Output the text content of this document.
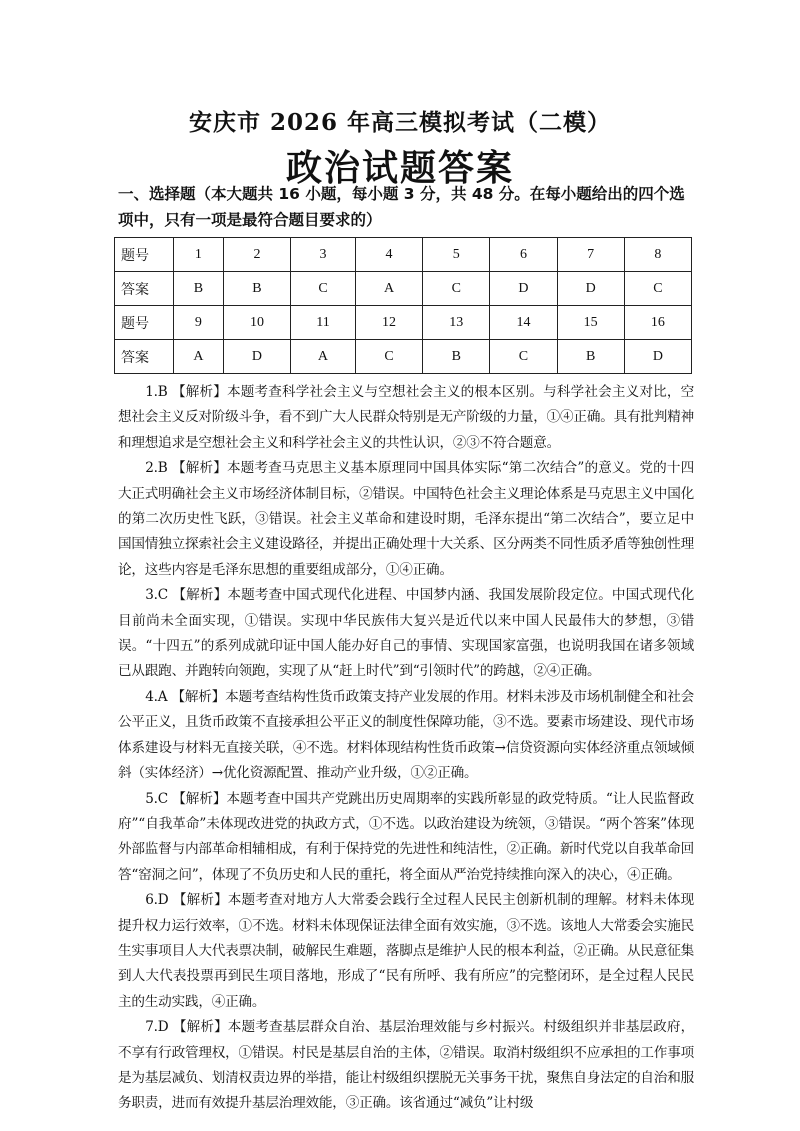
安庆市 2026 年高三模拟考试（二模）
政治试题答案
一、选择题（本大题共 16 小题，每小题 3 分，共 48 分。在每小题给出的四个选项中，只有一项是最符合题目要求的）
题号	1	2	3	4	5	6	7	8
答案	B	B	C	A	C	D	D	C
题号	9	10	11	12	13	14	15	16
答案	A	D	A	C	B	C	B	D

1.B 【解析】本题考查科学社会主义与空想社会主义的根本区别。与科学社会主义对比，空想社会主义反对阶级斗争，看不到广大人民群众特别是无产阶级的力量，①④正确。具有批判精神和理想追求是空想社会主义和科学社会主义的共性认识，②③不符合题意。

2.B 【解析】本题考查马克思主义基本原理同中国具体实际“第二次结合”的意义。党的十四大正式明确社会主义市场经济体制目标，②错误。中国特色社会主义理论体系是马克思主义中国化的第二次历史性飞跃，③错误。社会主义革命和建设时期，毛泽东提出“第二次结合”，要立足中国国情独立探索社会主义建设路径，并提出正确处理十大关系、区分两类不同性质矛盾等独创性理论，这些内容是毛泽东思想的重要组成部分，①④正确。

3.C 【解析】本题考查中国式现代化进程、中国梦内涵、我国发展阶段定位。中国式现代化目前尚未全面实现，①错误。实现中华民族伟大复兴是近代以来中国人民最伟大的梦想，③错误。“十四五”的系列成就印证中国人能办好自己的事情、实现国家富强，也说明我国在诸多领域已从跟跑、并跑转向领跑，实现了从“赶上时代”到“引领时代”的跨越，②④正确。

4.A 【解析】本题考查结构性货币政策支持产业发展的作用。材料未涉及市场机制健全和社会公平正义，且货币政策不直接承担公平正义的制度性保障功能，③不选。要素市场建设、现代市场体系建设与材料无直接关联，④不选。材料体现结构性货币政策→信贷资源向实体经济重点领域倾斜（实体经济）→优化资源配置、推动产业升级，①②正确。

5.C 【解析】本题考查中国共产党跳出历史周期率的实践所彰显的政党特质。“让人民监督政府”“自我革命”未体现改进党的执政方式，①不选。以政治建设为统领，③错误。“两个答案”体现外部监督与内部革命相辅相成，有利于保持党的先进性和纯洁性，②正确。新时代党以自我革命回答“窑洞之问”，体现了不负历史和人民的重托，将全面从严治党持续推向深入的决心，④正确。

6.D 【解析】本题考查对地方人大常委会践行全过程人民民主创新机制的理解。材料未体现提升权力运行效率，①不选。材料未体现保证法律全面有效实施，③不选。该地人大常委会实施民生实事项目人大代表票决制，破解民生难题，落脚点是维护人民的根本利益，②正确。从民意征集到人大代表投票再到民生项目落地，形成了“民有所呼、我有所应”的完整闭环，是全过程人民民主的生动实践，④正确。

7.D 【解析】本题考查基层群众自治、基层治理效能与乡村振兴。村级组织并非基层政府，不享有行政管理权，①错误。村民是基层自治的主体，②错误。取消村级组织不应承担的工作事项是为基层减负、划清权责边界的举措，能让村级组织摆脱无关事务干扰，聚焦自身法定的自治和服务职责，进而有效提升基层治理效能，③正确。该省通过“减负”让村级
